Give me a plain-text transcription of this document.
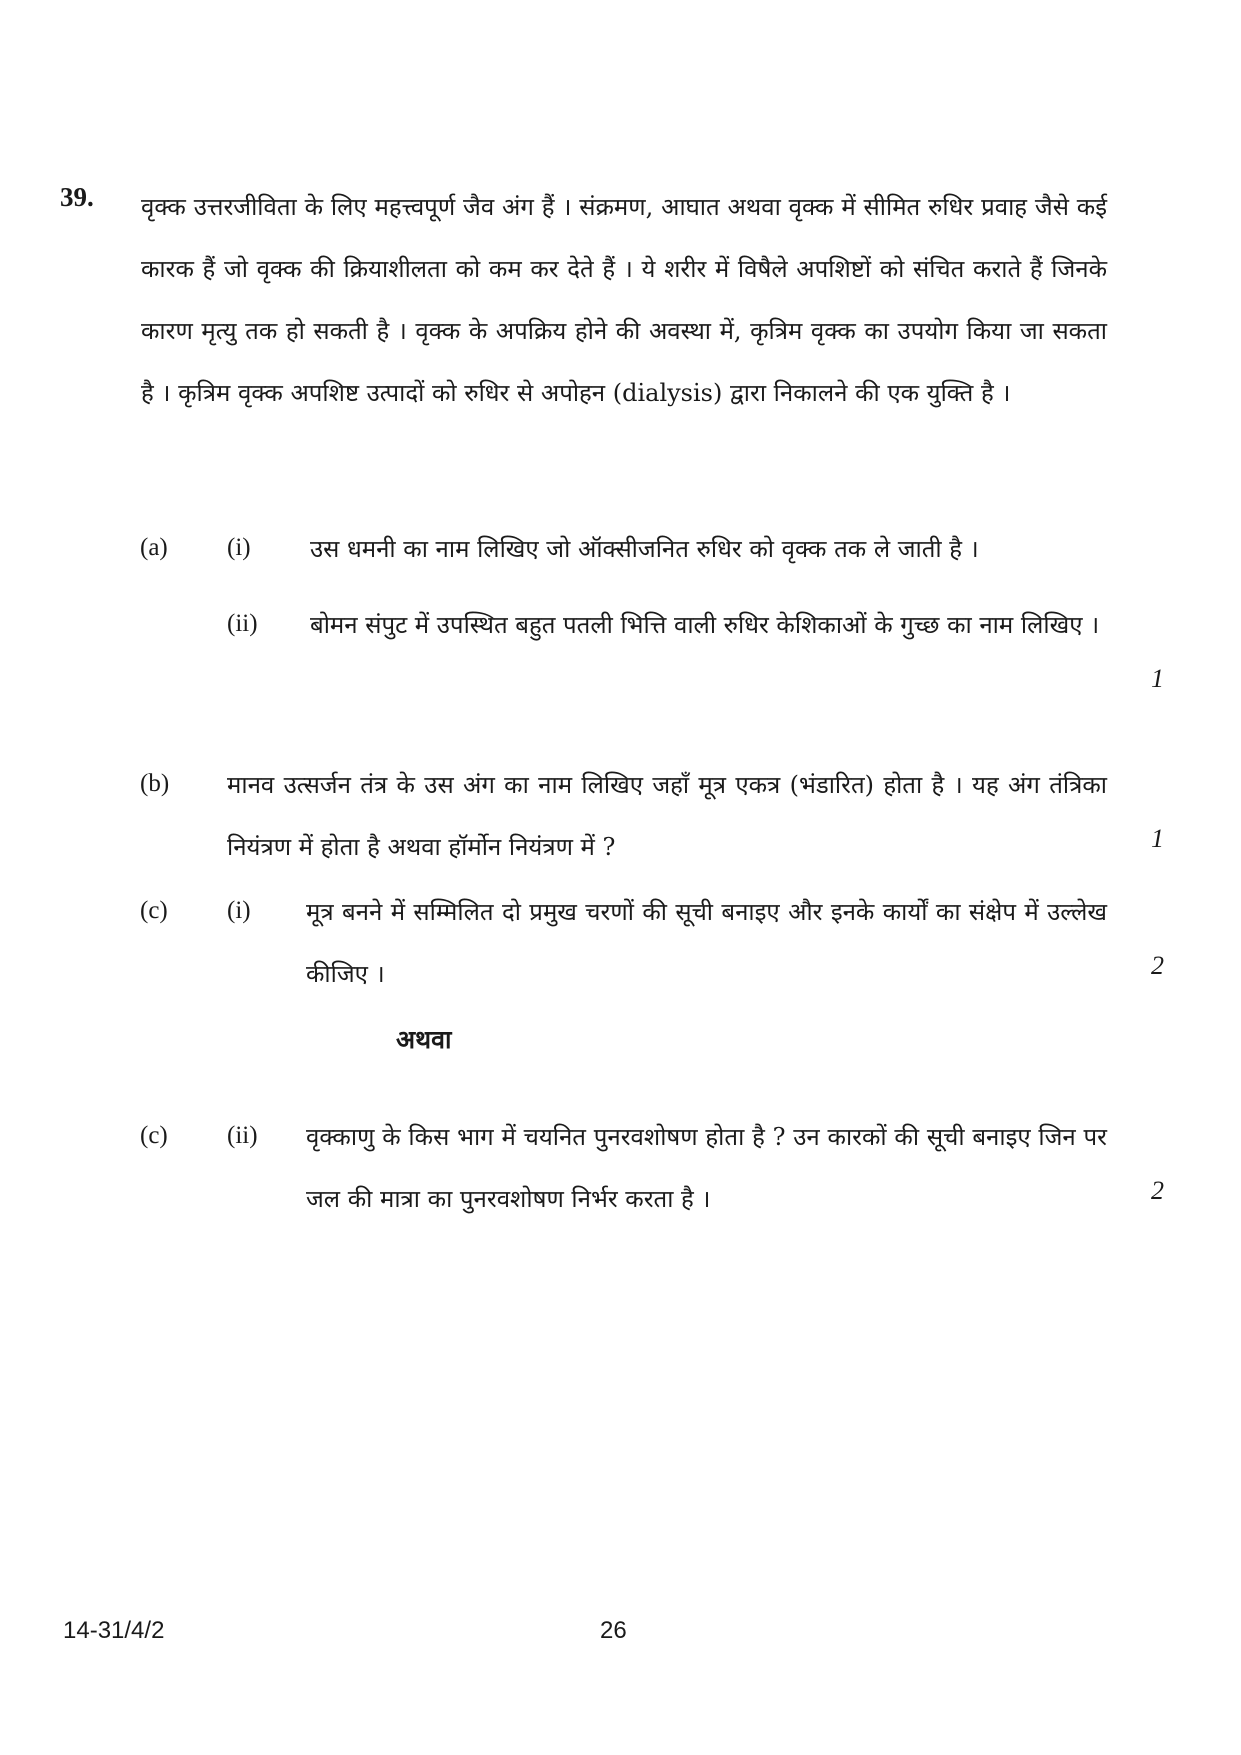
39. वृक्क उत्तरजीविता के लिए महत्त्वपूर्ण जैव अंग हैं । संक्रमण, आघात अथवा वृक्क में सीमित रुधिर प्रवाह जैसे कई कारक हैं जो वृक्क की क्रियाशीलता को कम कर देते हैं । ये शरीर में विषैले अपशिष्टों को संचित कराते हैं जिनके कारण मृत्यु तक हो सकती है । वृक्क के अपक्रिय होने की अवस्था में, कृत्रिम वृक्क का उपयोग किया जा सकता है । कृत्रिम वृक्क अपशिष्ट उत्पादों को रुधिर से अपोहन (dialysis) द्वारा निकालने की एक युक्ति है ।
(a) (i) उस धमनी का नाम लिखिए जो ऑक्सीजनित रुधिर को वृक्क तक ले जाती है ।
(ii) बोमन संपुट में उपस्थित बहुत पतली भित्ति वाली रुधिर केशिकाओं के गुच्छ का नाम लिखिए ।
1
(b) मानव उत्सर्जन तंत्र के उस अंग का नाम लिखिए जहाँ मूत्र एकत्र (भंडारित) होता है । यह अंग तंत्रिका नियंत्रण में होता है अथवा हॉर्मोन नियंत्रण में ?	1
(c) (i) मूत्र बनने में सम्मिलित दो प्रमुख चरणों की सूची बनाइए और इनके कार्यों का संक्षेप में उल्लेख कीजिए ।	2
अथवा
(c) (ii) वृक्काणु के किस भाग में चयनित पुनरवशोषण होता है ? उन कारकों की सूची बनाइए जिन पर जल की मात्रा का पुनरवशोषण निर्भर करता है ।	2
14-31/4/2	26
